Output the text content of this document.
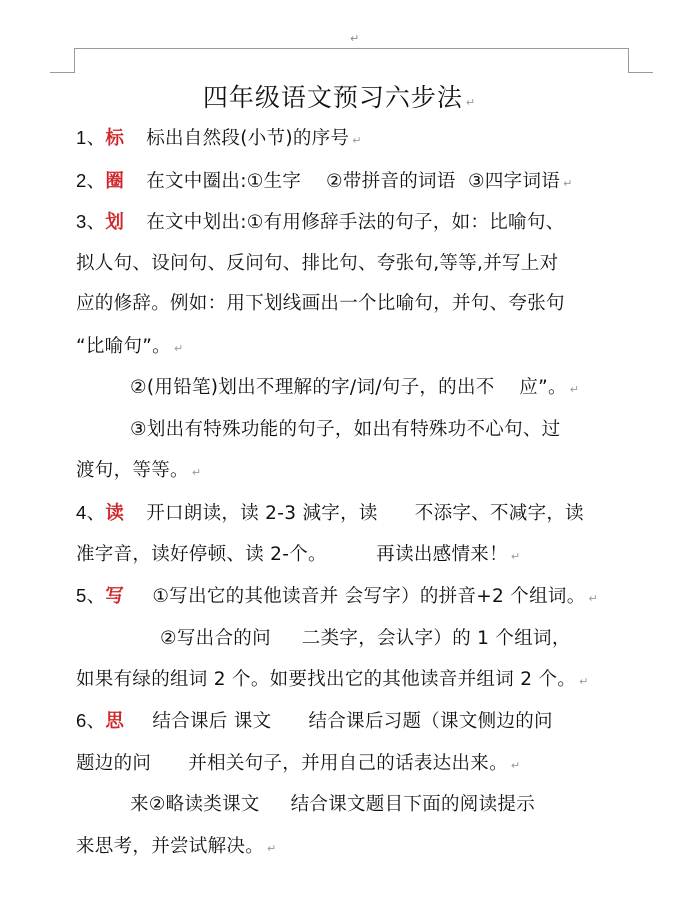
↵
四年级语文预习六步法 ↵
1、标 标出自然段(小节)的序号 ↵
2、圈 在文中圈出:①生字    ②带拼音的词语  ③四字词语 ↵
3、划 在文中划出:①有用修辞手法的句子，如：比喻句、
拟人句、设问句、反问句、排比句、夸张句,等等,并写上对
应的修辞。例如：用下划线画出一个比喻句，并句、夸张句
“比喻句”。 ↵
②(用铅笔)划出不理解的字/词/句子，的出不    应”。 ↵
③划出有特殊功能的句子，如出有特殊功不心句、过
渡句，等等。 ↵
4、读 开口朗读，读 2-3 減字，读      不添字、不减字，读
准字音，读好停顿、读 2-个。        再读出感情来！ ↵
5、写 ①写出它的其他读音并 会写字）的拼音+2 个组词。 ↵
②写出合的问     二类字，会认字）的 1 个组词，
如果有绿的组词 2 个。如要找出它的其他读音并组词 2 个。 ↵
6、思 结合课后 课文      结合课后习题（课文侧边的问
题边的问      并相关句子，并用自己的话表达出来。 ↵
来②略读类课文     结合课文题目下面的阅读提示
来思考，并尝试解决。 ↵
